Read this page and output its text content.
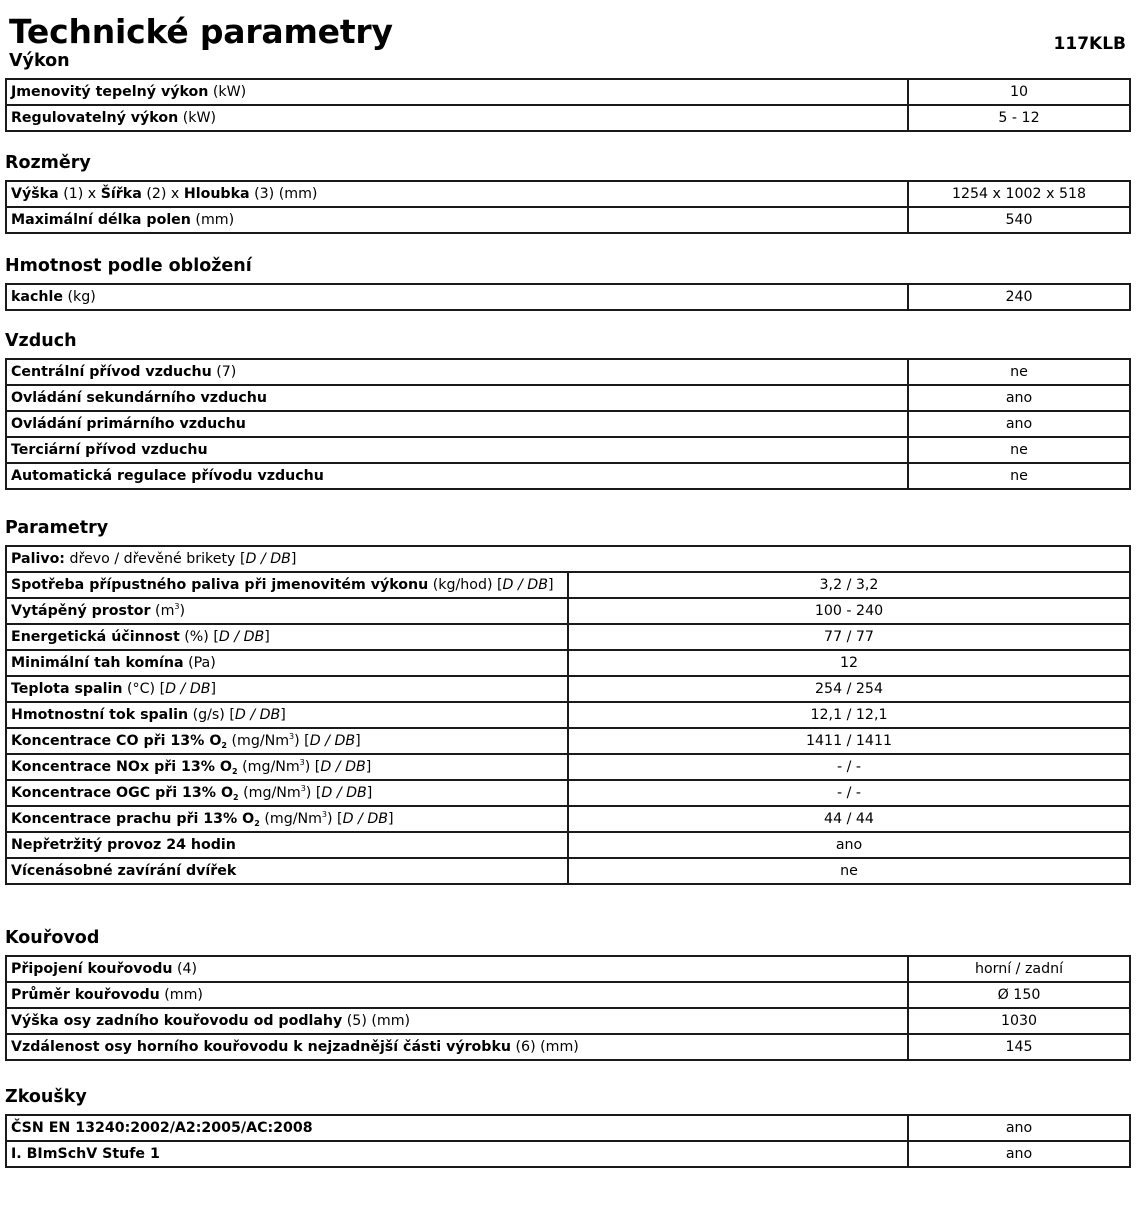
Technické parametry	117KLB
Výkon
Jmenovitý tepelný výkon (kW)	10
Regulovatelný výkon (kW)	5 - 12
Rozměry
Výška (1) x Šířka (2) x Hloubka (3) (mm)	1254 x 1002 x 518
Maximální délka polen (mm)	540
Hmotnost podle obložení
kachle (kg)	240
Vzduch
Centrální přívod vzduchu (7)	ne
Ovládání sekundárního vzduchu	ano
Ovládání primárního vzduchu	ano
Terciární přívod vzduchu	ne
Automatická regulace přívodu vzduchu	ne
Parametry
Palivo: dřevo / dřevěné brikety [D / DB]	
Spotřeba přípustného paliva při jmenovitém výkonu (kg/hod) [D / DB]	3,2 / 3,2
Vytápěný prostor $(m^3)$	100 - 240
Energetická účinnost (%) [D / DB]	77 / 77
Minimální tah komína (Pa)	12
Teplota spalin (°C) [D / DB]	254 / 254
Hmotnostní tok spalin (g/s) [D / DB]	12,1 / 12,1
Koncentrace CO při 13% $O_2$ (mg/Nm$^3$) [D / DB]	1411 / 1411
Koncentrace NOx při 13% $O_2$ (mg/Nm$^3$) [D / DB]	- / -
Koncentrace OGC při 13% $O_2$ (mg/Nm$^3$) [D / DB]	- / -
Koncentrace prachu při 13% $O_2$ (mg/Nm$^3$) [D / DB]	44 / 44
Nepřetržitý provoz 24 hodin	ano
Vícenásobné zavírání dvířek	ne
Kouřovod
Připojení kouřovodu (4)	horní / zadní
Průměr kouřovodu (mm)	Ø 150
Výška osy zadního kouřovodu od podlahy (5) (mm)	1030
Vzdálenost osy horního kouřovodu k nejzadnější části výrobku (6) (mm)	145
Zkoušky
ČSN EN 13240:2002/A2:2005/AC:2008	ano
I. BImSchV Stufe 1	ano
